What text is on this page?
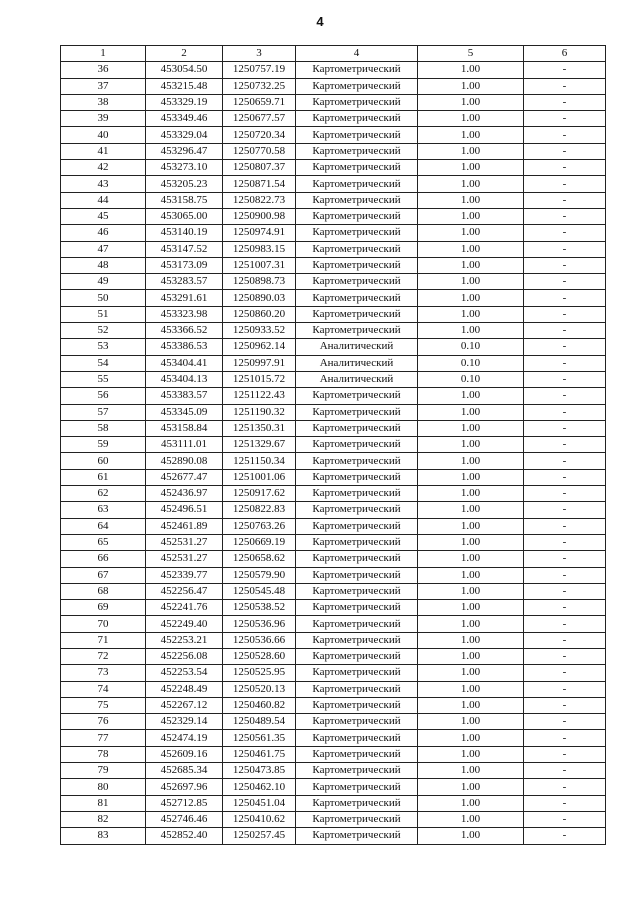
4
1	2	3	4	5	6
36	453054.50	1250757.19	Картометрический	1.00	-
37	453215.48	1250732.25	Картометрический	1.00	-
38	453329.19	1250659.71	Картометрический	1.00	-
39	453349.46	1250677.57	Картометрический	1.00	-
40	453329.04	1250720.34	Картометрический	1.00	-
41	453296.47	1250770.58	Картометрический	1.00	-
42	453273.10	1250807.37	Картометрический	1.00	-
43	453205.23	1250871.54	Картометрический	1.00	-
44	453158.75	1250822.73	Картометрический	1.00	-
45	453065.00	1250900.98	Картометрический	1.00	-
46	453140.19	1250974.91	Картометрический	1.00	-
47	453147.52	1250983.15	Картометрический	1.00	-
48	453173.09	1251007.31	Картометрический	1.00	-
49	453283.57	1250898.73	Картометрический	1.00	-
50	453291.61	1250890.03	Картометрический	1.00	-
51	453323.98	1250860.20	Картометрический	1.00	-
52	453366.52	1250933.52	Картометрический	1.00	-
53	453386.53	1250962.14	Аналитический	0.10	-
54	453404.41	1250997.91	Аналитический	0.10	-
55	453404.13	1251015.72	Аналитический	0.10	-
56	453383.57	1251122.43	Картометрический	1.00	-
57	453345.09	1251190.32	Картометрический	1.00	-
58	453158.84	1251350.31	Картометрический	1.00	-
59	453111.01	1251329.67	Картометрический	1.00	-
60	452890.08	1251150.34	Картометрический	1.00	-
61	452677.47	1251001.06	Картометрический	1.00	-
62	452436.97	1250917.62	Картометрический	1.00	-
63	452496.51	1250822.83	Картометрический	1.00	-
64	452461.89	1250763.26	Картометрический	1.00	-
65	452531.27	1250669.19	Картометрический	1.00	-
66	452531.27	1250658.62	Картометрический	1.00	-
67	452339.77	1250579.90	Картометрический	1.00	-
68	452256.47	1250545.48	Картометрический	1.00	-
69	452241.76	1250538.52	Картометрический	1.00	-
70	452249.40	1250536.96	Картометрический	1.00	-
71	452253.21	1250536.66	Картометрический	1.00	-
72	452256.08	1250528.60	Картометрический	1.00	-
73	452253.54	1250525.95	Картометрический	1.00	-
74	452248.49	1250520.13	Картометрический	1.00	-
75	452267.12	1250460.82	Картометрический	1.00	-
76	452329.14	1250489.54	Картометрический	1.00	-
77	452474.19	1250561.35	Картометрический	1.00	-
78	452609.16	1250461.75	Картометрический	1.00	-
79	452685.34	1250473.85	Картометрический	1.00	-
80	452697.96	1250462.10	Картометрический	1.00	-
81	452712.85	1250451.04	Картометрический	1.00	-
82	452746.46	1250410.62	Картометрический	1.00	-
83	452852.40	1250257.45	Картометрический	1.00	-
